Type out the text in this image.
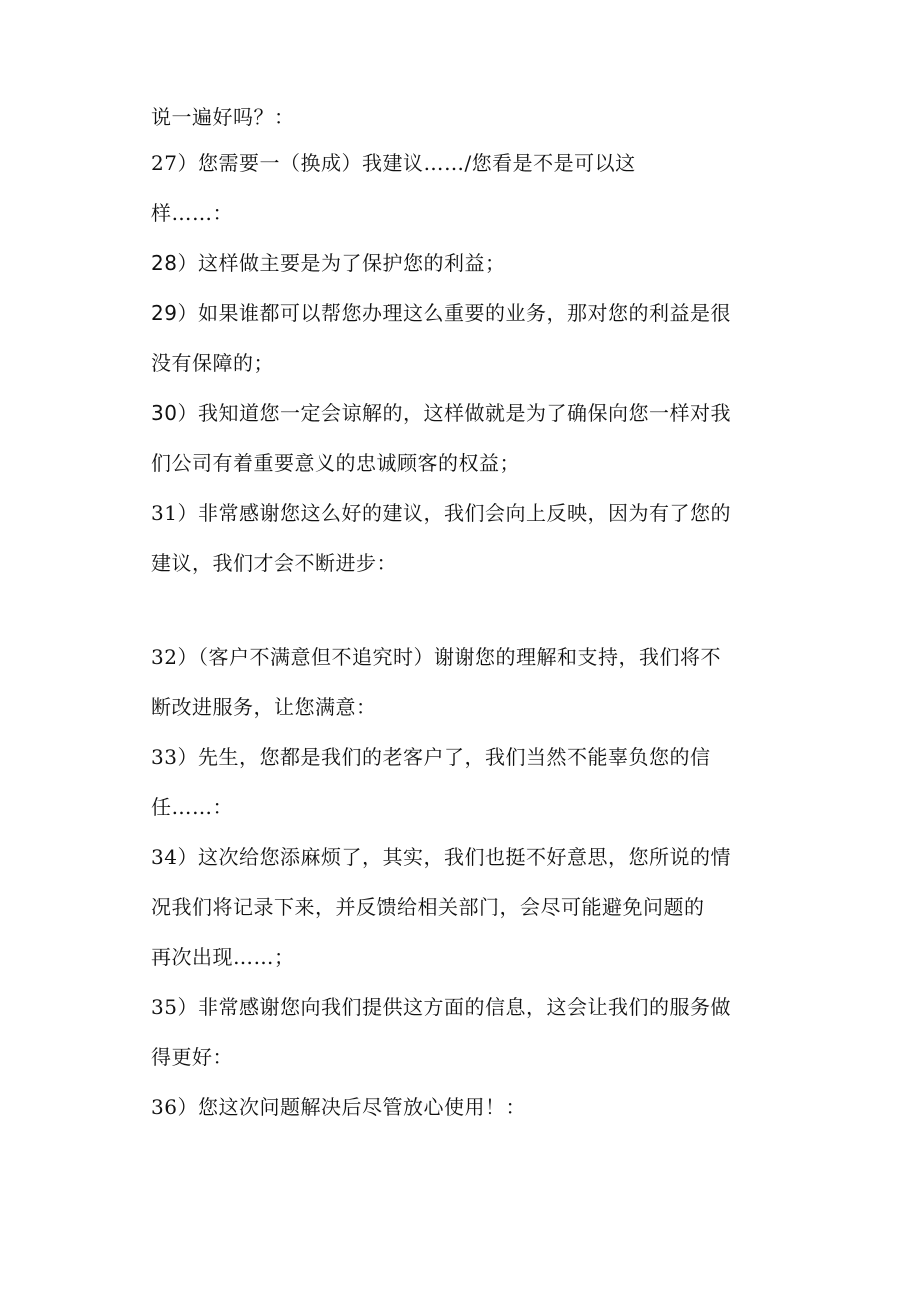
说一遍好吗？：

27）您需要一（换成）我建议……/您看是不是可以这

样……：

28）这样做主要是为了保护您的利益；

29）如果谁都可以帮您办理这么重要的业务，那对您的利益是很

没有保障的；

30）我知道您一定会谅解的，这样做就是为了确保向您一样对我

们公司有着重要意义的忠诚顾客的权益；

31）非常感谢您这么好的建议，我们会向上反映，因为有了您的

建议，我们才会不断进步：

32）（客户不满意但不追究时）谢谢您的理解和支持，我们将不

断改进服务，让您满意：

33）先生，您都是我们的老客户了，我们当然不能辜负您的信

任……：

34）这次给您添麻烦了，其实，我们也挺不好意思，您所说的情

况我们将记录下来，并反馈给相关部门，会尽可能避免问题的

再次出现……；

35）非常感谢您向我们提供这方面的信息，这会让我们的服务做

得更好：

36）您这次问题解决后尽管放心使用！：
